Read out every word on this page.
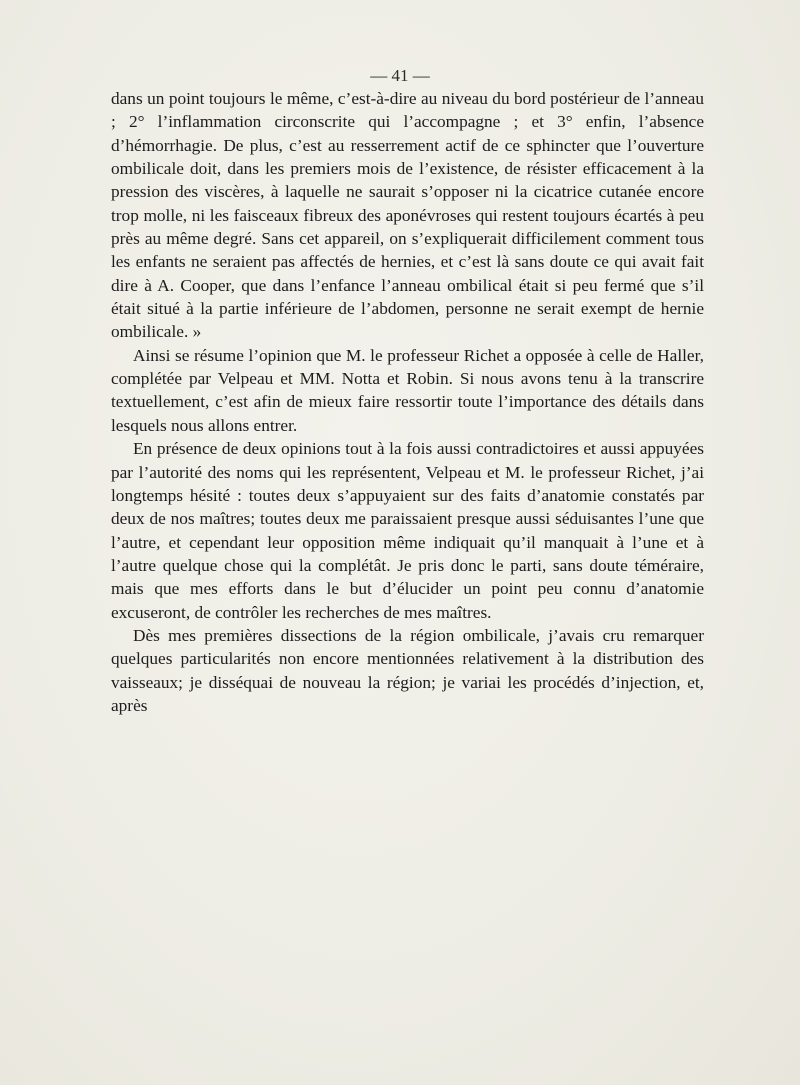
— 41 —

dans un point toujours le même, c’est-à-dire au niveau du bord postérieur de l’anneau ; 2° l’inflammation circonscrite qui l’accompagne ; et 3° enfin, l’absence d’hémorrhagie. De plus, c’est au resserrement actif de ce sphincter que l’ouverture ombilicale doit, dans les premiers mois de l’existence, de résister efficacement à la pression des viscères, à laquelle ne saurait s’opposer ni la cicatrice cutanée encore trop molle, ni les faisceaux fibreux des aponévroses qui restent toujours écartés à peu près au même degré. Sans cet appareil, on s’expliquerait difficilement comment tous les enfants ne seraient pas affectés de hernies, et c’est là sans doute ce qui avait fait dire à A. Cooper, que dans l’enfance l’anneau ombilical était si peu fermé que s’il était situé à la partie inférieure de l’abdomen, personne ne serait exempt de hernie ombilicale. »

Ainsi se résume l’opinion que M. le professeur Richet a opposée à celle de Haller, complétée par Velpeau et MM. Notta et Robin. Si nous avons tenu à la transcrire textuellement, c’est afin de mieux faire ressortir toute l’importance des détails dans lesquels nous allons entrer.

En présence de deux opinions tout à la fois aussi contradictoires et aussi appuyées par l’autorité des noms qui les représentent, Velpeau et M. le professeur Richet, j’ai longtemps hésité : toutes deux s’appuyaient sur des faits d’anatomie constatés par deux de nos maîtres; toutes deux me paraissaient presque aussi séduisantes l’une que l’autre, et cependant leur opposition même indiquait qu’il manquait à l’une et à l’autre quelque chose qui la complétât. Je pris donc le parti, sans doute téméraire, mais que mes efforts dans le but d’élucider un point peu connu d’anatomie excuseront, de contrôler les recherches de mes maîtres.

Dès mes premières dissections de la région ombilicale, j’avais cru remarquer quelques particularités non encore mentionnées relativement à la distribution des vaisseaux; je disséquai de nouveau la région; je variai les procédés d’injection, et, après
